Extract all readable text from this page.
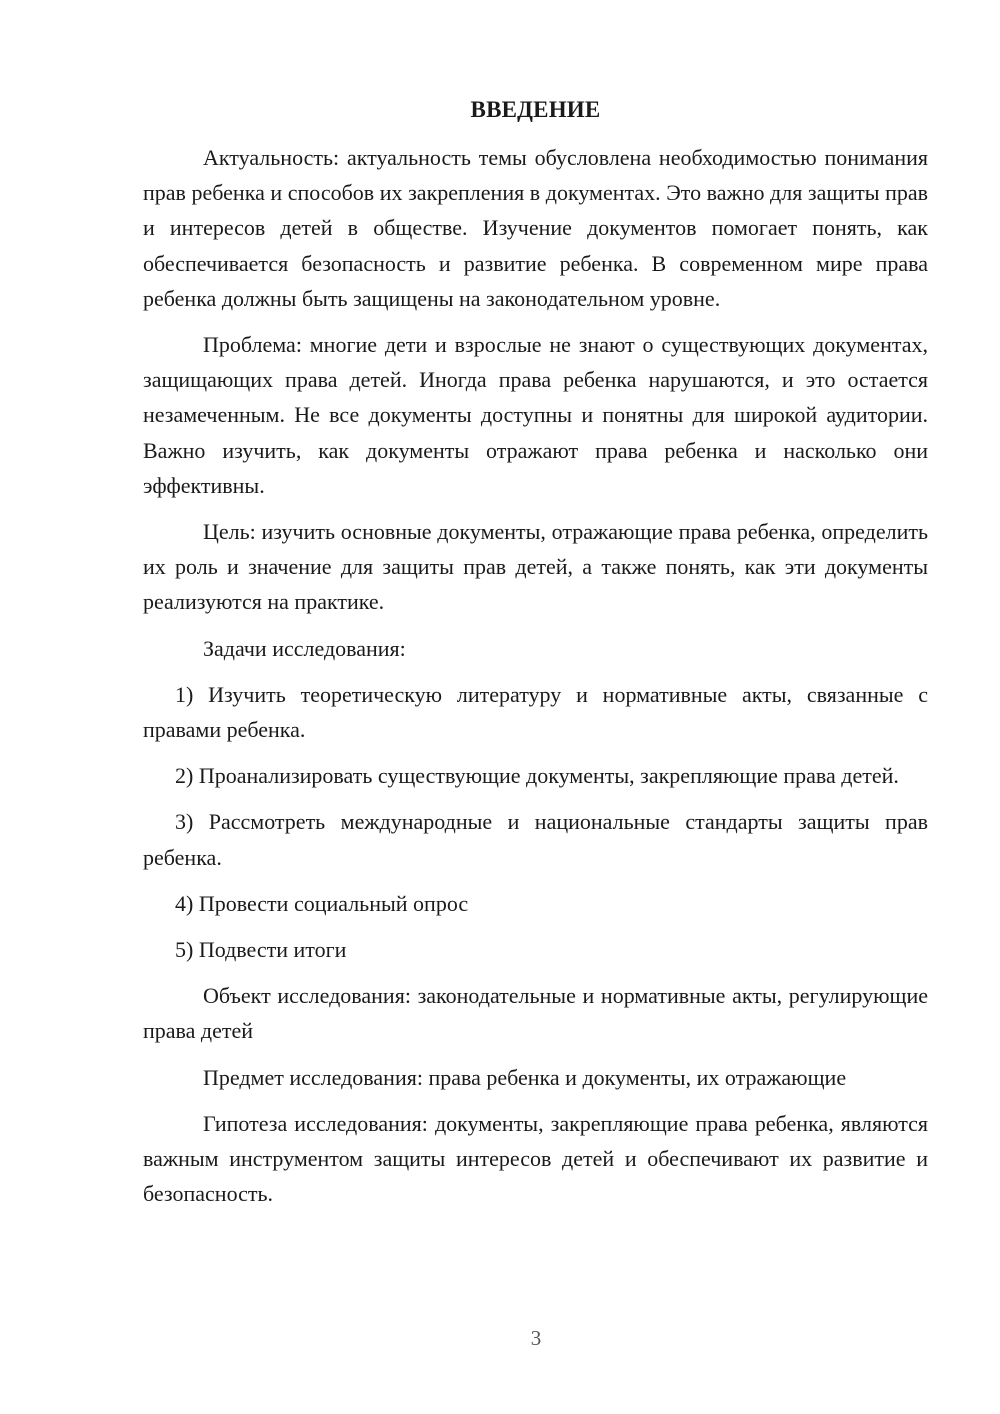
ВВЕДЕНИЕ

Актуальность: актуальность темы обусловлена необходимостью понимания прав ребенка и способов их закрепления в документах. Это важно для защиты прав и интересов детей в обществе. Изучение документов помогает понять, как обеспечивается безопасность и развитие ребенка. В современном мире права ребенка должны быть защищены на законодательном уровне.

Проблема: многие дети и взрослые не знают о существующих документах, защищающих права детей. Иногда права ребенка нарушаются, и это остается незамеченным. Не все документы доступны и понятны для широкой аудитории. Важно изучить, как документы отражают права ребенка и насколько они эффективны.

Цель: изучить основные документы, отражающие права ребенка, определить их роль и значение для защиты прав детей, а также понять, как эти документы реализуются на практике.

Задачи исследования:

1) Изучить теоретическую литературу и нормативные акты, связанные с правами ребенка.

2) Проанализировать существующие документы, закрепляющие права детей.

3) Рассмотреть международные и национальные стандарты защиты прав ребенка.

4) Провести социальный опрос

5) Подвести итоги

Объект исследования: законодательные и нормативные акты, регулирующие права детей

Предмет исследования: права ребенка и документы, их отражающие

Гипотеза исследования: документы, закрепляющие права ребенка, являются важным инструментом защиты интересов детей и обеспечивают их развитие и безопасность.

3
